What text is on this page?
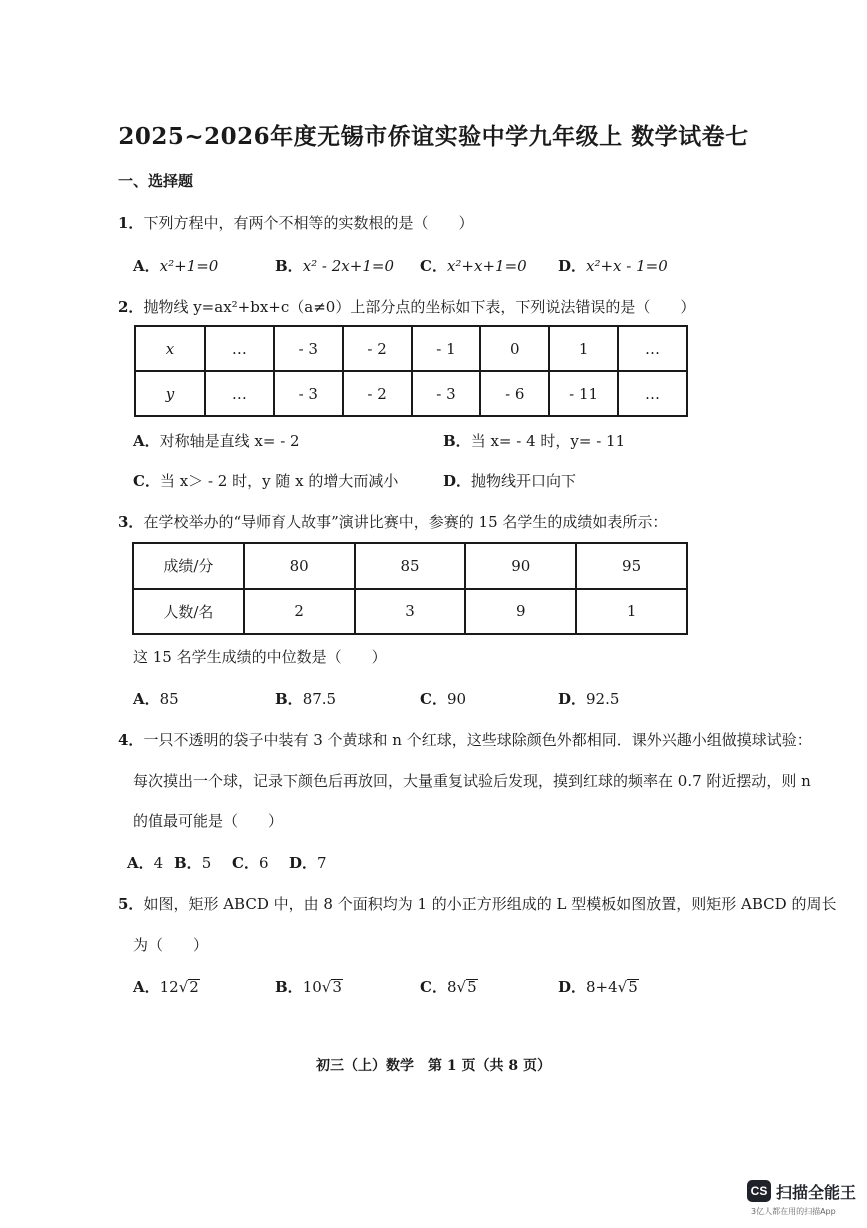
2025~2026年度无锡市侨谊实验中学九年级上 数学试卷七
一、选择题
1．下列方程中，有两个不相等的实数根的是（　　）
A．x²+1=0	B．x² - 2x+1=0 C．x²+x+1=0 D．x²+x - 1=0
2．抛物线 y=ax²+bx+c（a≠0）上部分点的坐标如下表，下列说法错误的是（　　）
x	…	- 3	- 2	- 1	0	1	…
y	…	- 3	- 2	- 3	- 6	- 11	…
A．对称轴是直线 x= - 2	B．当 x= - 4 时，y= - 11
C．当 x＞ - 2 时，y 随 x 的增大而减小	D．抛物线开口向下
3．在学校举办的“导师育人故事”演讲比赛中，参赛的 15 名学生的成绩如表所示：
成绩/分	80	85	90	95
人数/名	2	3	9	1
这 15 名学生成绩的中位数是（　　）
A．85	B．87.5	C．90	D．92.5
4．一只不透明的袋子中装有 3 个黄球和 n 个红球，这些球除颜色外都相同．课外兴趣小组做摸球试验：
每次摸出一个球，记录下颜色后再放回，大量重复试验后发现，摸到红球的频率在 0.7 附近摆动，则 n
的值最可能是（　　）
A．4 B．5 C．6 D．7
5．如图，矩形 ABCD 中，由 8 个面积均为 1 的小正方形组成的 L 型模板如图放置，则矩形 ABCD 的周长
为（　　）
A．12√2	B．10√3	C．8√5	D．8+4√5
初三（上）数学　第 1 页（共 8 页）
CS 扫描全能王
3亿人都在用的扫描App
